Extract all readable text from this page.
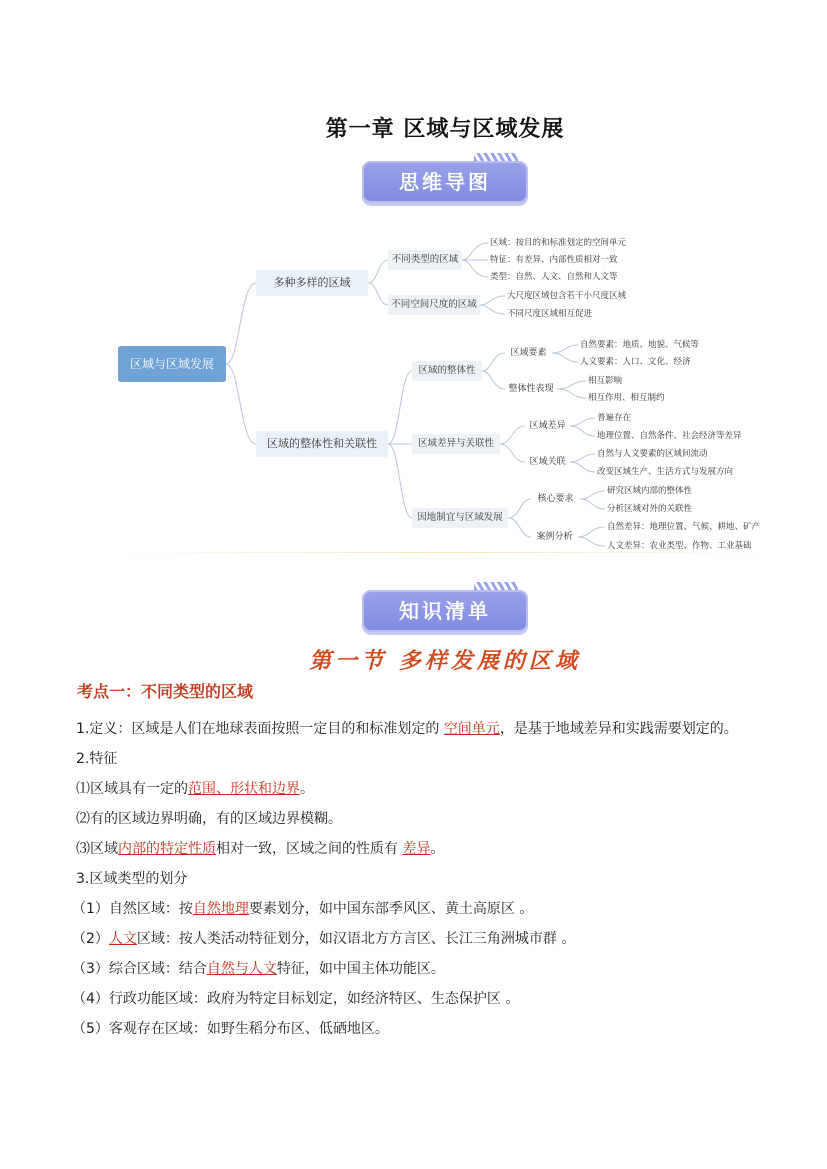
第一章 区域与区域发展
思维导图
区域与区域发展
多种多样的区域
不同类型的区域
区域：按目的和标准划定的空间单元
特征：有差异、内部性质相对一致
类型：自然、人文、自然和人文等
不同空间尺度的区域
大尺度区域包含若干小尺度区域
不同尺度区域相互促进
区域的整体性和关联性
区域的整体性
区域要素
自然要素：地质、地貌、气候等
人文要素：人口、文化、经济
整体性表现
相互影响
相互作用、相互制约
区域差异与关联性
区域差异
普遍存在
地理位置、自然条件、社会经济等差异
区域关联
自然与人文要素的区域间流动
改变区域生产、生活方式与发展方向
因地制宜与区域发展
核心要求
研究区域内部的整体性
分析区域对外的关联性
案例分析
自然差异：地理位置、气候、耕地、矿产
人文差异：农业类型、作物、工业基础
知识清单
第一节 多样发展的区域
考点一：不同类型的区域
1.定义：区域是人们在地球表面按照一定目的和标准划定的 空间单元，是基于地域差异和实践需要划定的。
2.特征
⑴区域具有一定的范围、形状和边界。
⑵有的区域边界明确，有的区域边界模糊。
⑶区域内部的特定性质相对一致，区域之间的性质有 差异。
3.区域类型的划分
（1）自然区域：按自然地理要素划分，如中国东部季风区、黄土高原区 。
（2）人文区域：按人类活动特征划分，如汉语北方方言区、长江三角洲城市群 。
（3）综合区域：结合自然与人文特征，如中国主体功能区。
（4）行政功能区域：政府为特定目标划定，如经济特区、生态保护区 。
（5）客观存在区域：如野生稻分布区、低硒地区。
